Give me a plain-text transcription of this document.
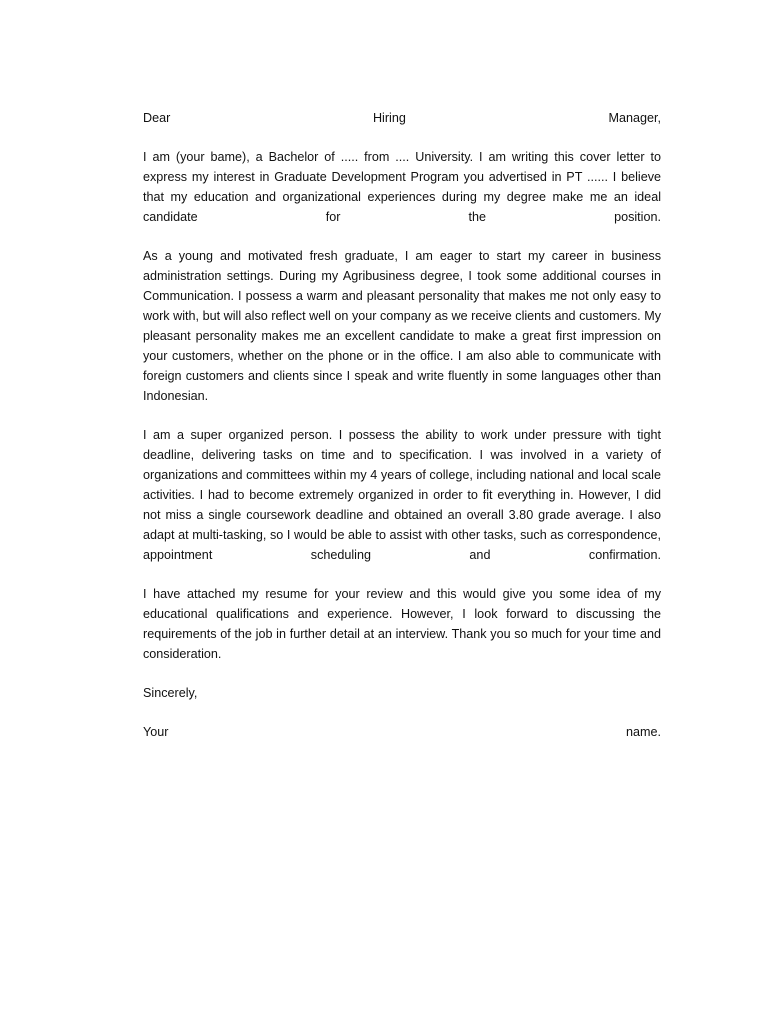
Dear Hiring Manager,

I am (your bame), a Bachelor of ..... from .... University. I am writing this cover letter to express my interest in Graduate Development Program you advertised in PT ...... I believe that my education and organizational experiences during my degree make me an ideal candidate for the position.

As a young and motivated fresh graduate, I am eager to start my career in business administration settings. During my Agribusiness degree, I took some additional courses in Communication. I possess a warm and pleasant personality that makes me not only easy to work with, but will also reflect well on your company as we receive clients and customers. My pleasant personality makes me an excellent candidate to make a great first impression on your customers, whether on the phone or in the office. I am also able to communicate with foreign customers and clients since I speak and write fluently in some languages other than Indonesian.

I am a super organized person. I possess the ability to work under pressure with tight deadline, delivering tasks on time and to specification. I was involved in a variety of organizations and committees within my 4 years of college, including national and local scale activities. I had to become extremely organized in order to fit everything in. However, I did not miss a single coursework deadline and obtained an overall 3.80 grade average. I also adapt at multi-tasking, so I would be able to assist with other tasks, such as correspondence, appointment scheduling and confirmation.

I have attached my resume for your review and this would give you some idea of my educational qualifications and experience. However, I look forward to discussing the requirements of the job in further detail at an interview. Thank you so much for your time and consideration.

Sincerely,

Your name.
